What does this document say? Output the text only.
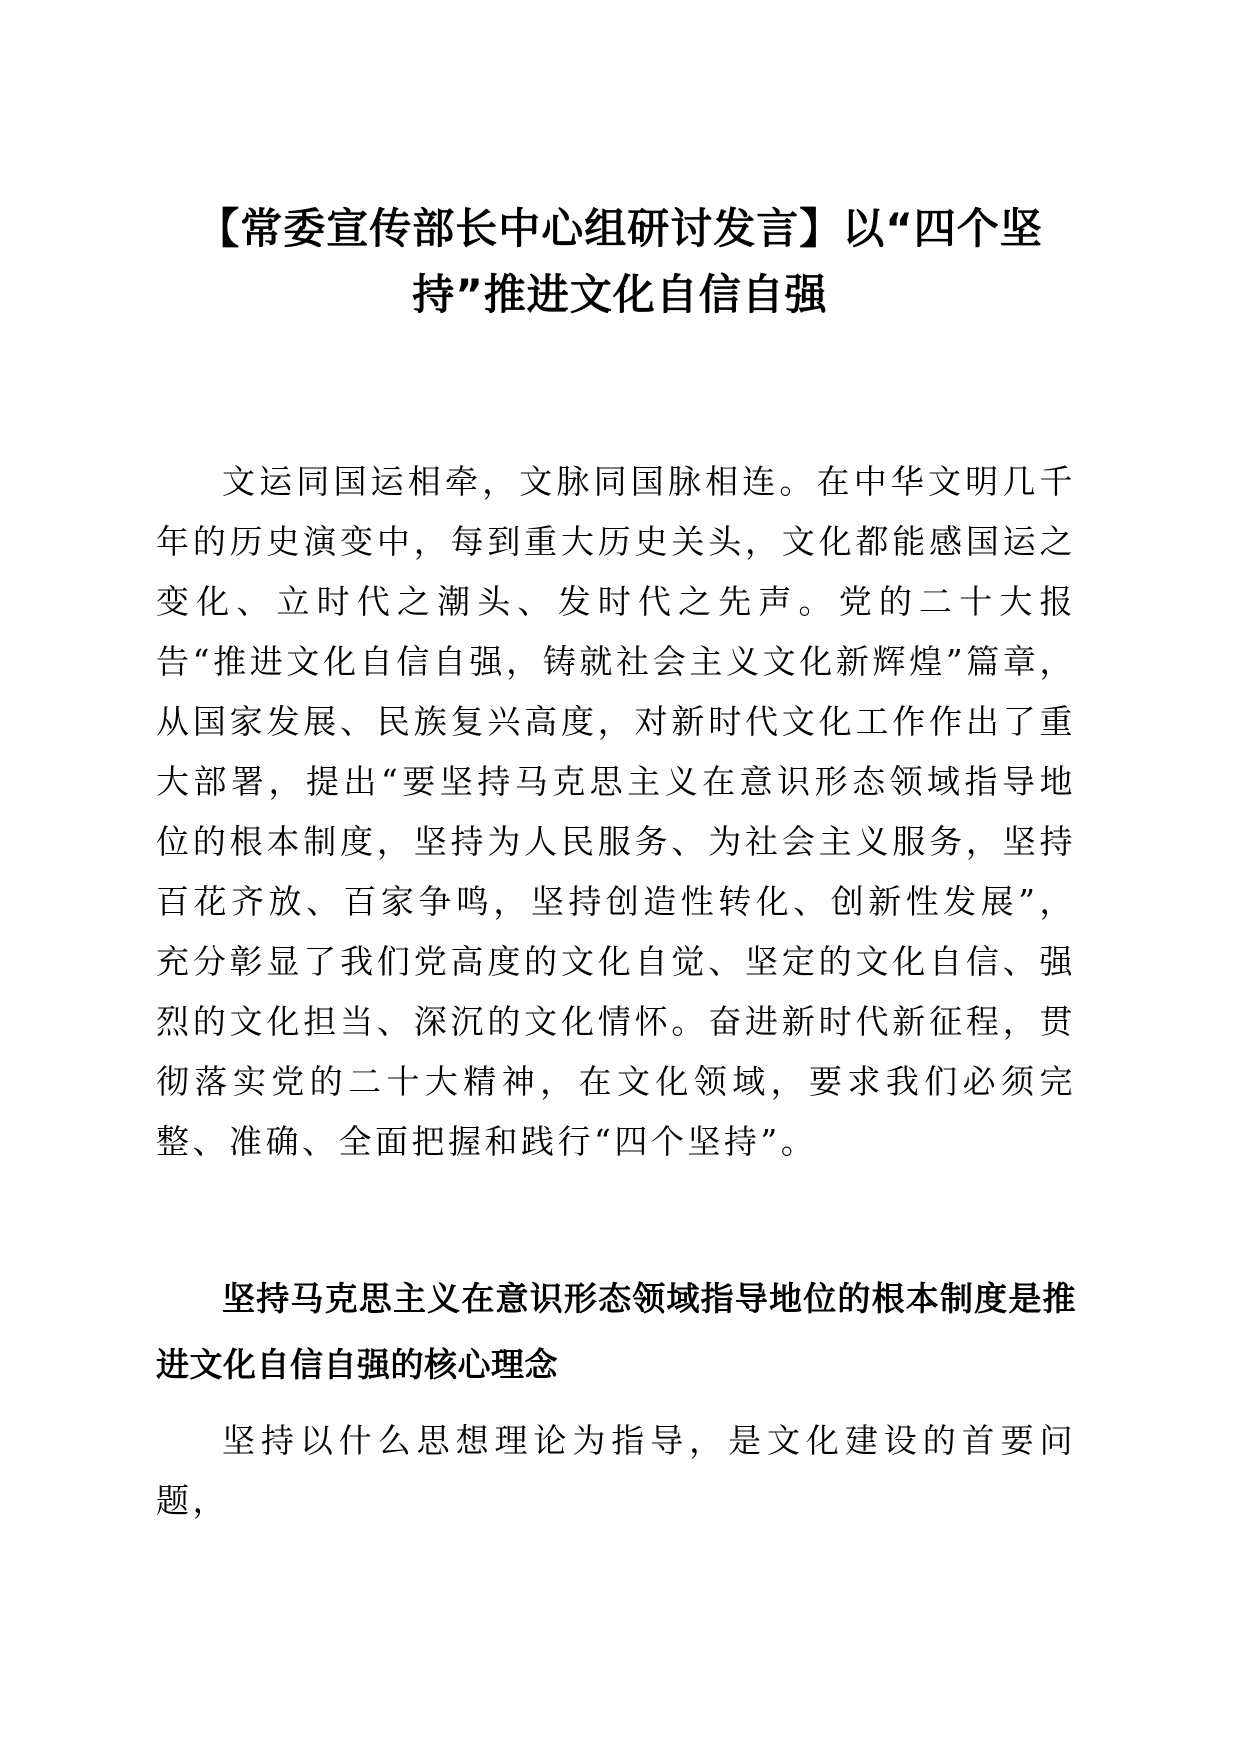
【常委宣传部长中心组研讨发言】以“四个坚
持”推进文化自信自强

文运同国运相牵，文脉同国脉相连。在中华文明几千年的历史演变中，每到重大历史关头，文化都能感国运之变化、立时代之潮头、发时代之先声。党的二十大报告“推进文化自信自强，铸就社会主义文化新辉煌”篇章，从国家发展、民族复兴高度，对新时代文化工作作出了重大部署，提出“要坚持马克思主义在意识形态领域指导地位的根本制度，坚持为人民服务、为社会主义服务，坚持百花齐放、百家争鸣，坚持创造性转化、创新性发展”，充分彰显了我们党高度的文化自觉、坚定的文化自信、强烈的文化担当、深沉的文化情怀。奋进新时代新征程，贯彻落实党的二十大精神，在文化领域，要求我们必须完整、准确、全面把握和践行“四个坚持”。

坚持马克思主义在意识形态领域指导地位的根本制度是推进文化自信自强的核心理念

坚持以什么思想理论为指导，是文化建设的首要问题，
